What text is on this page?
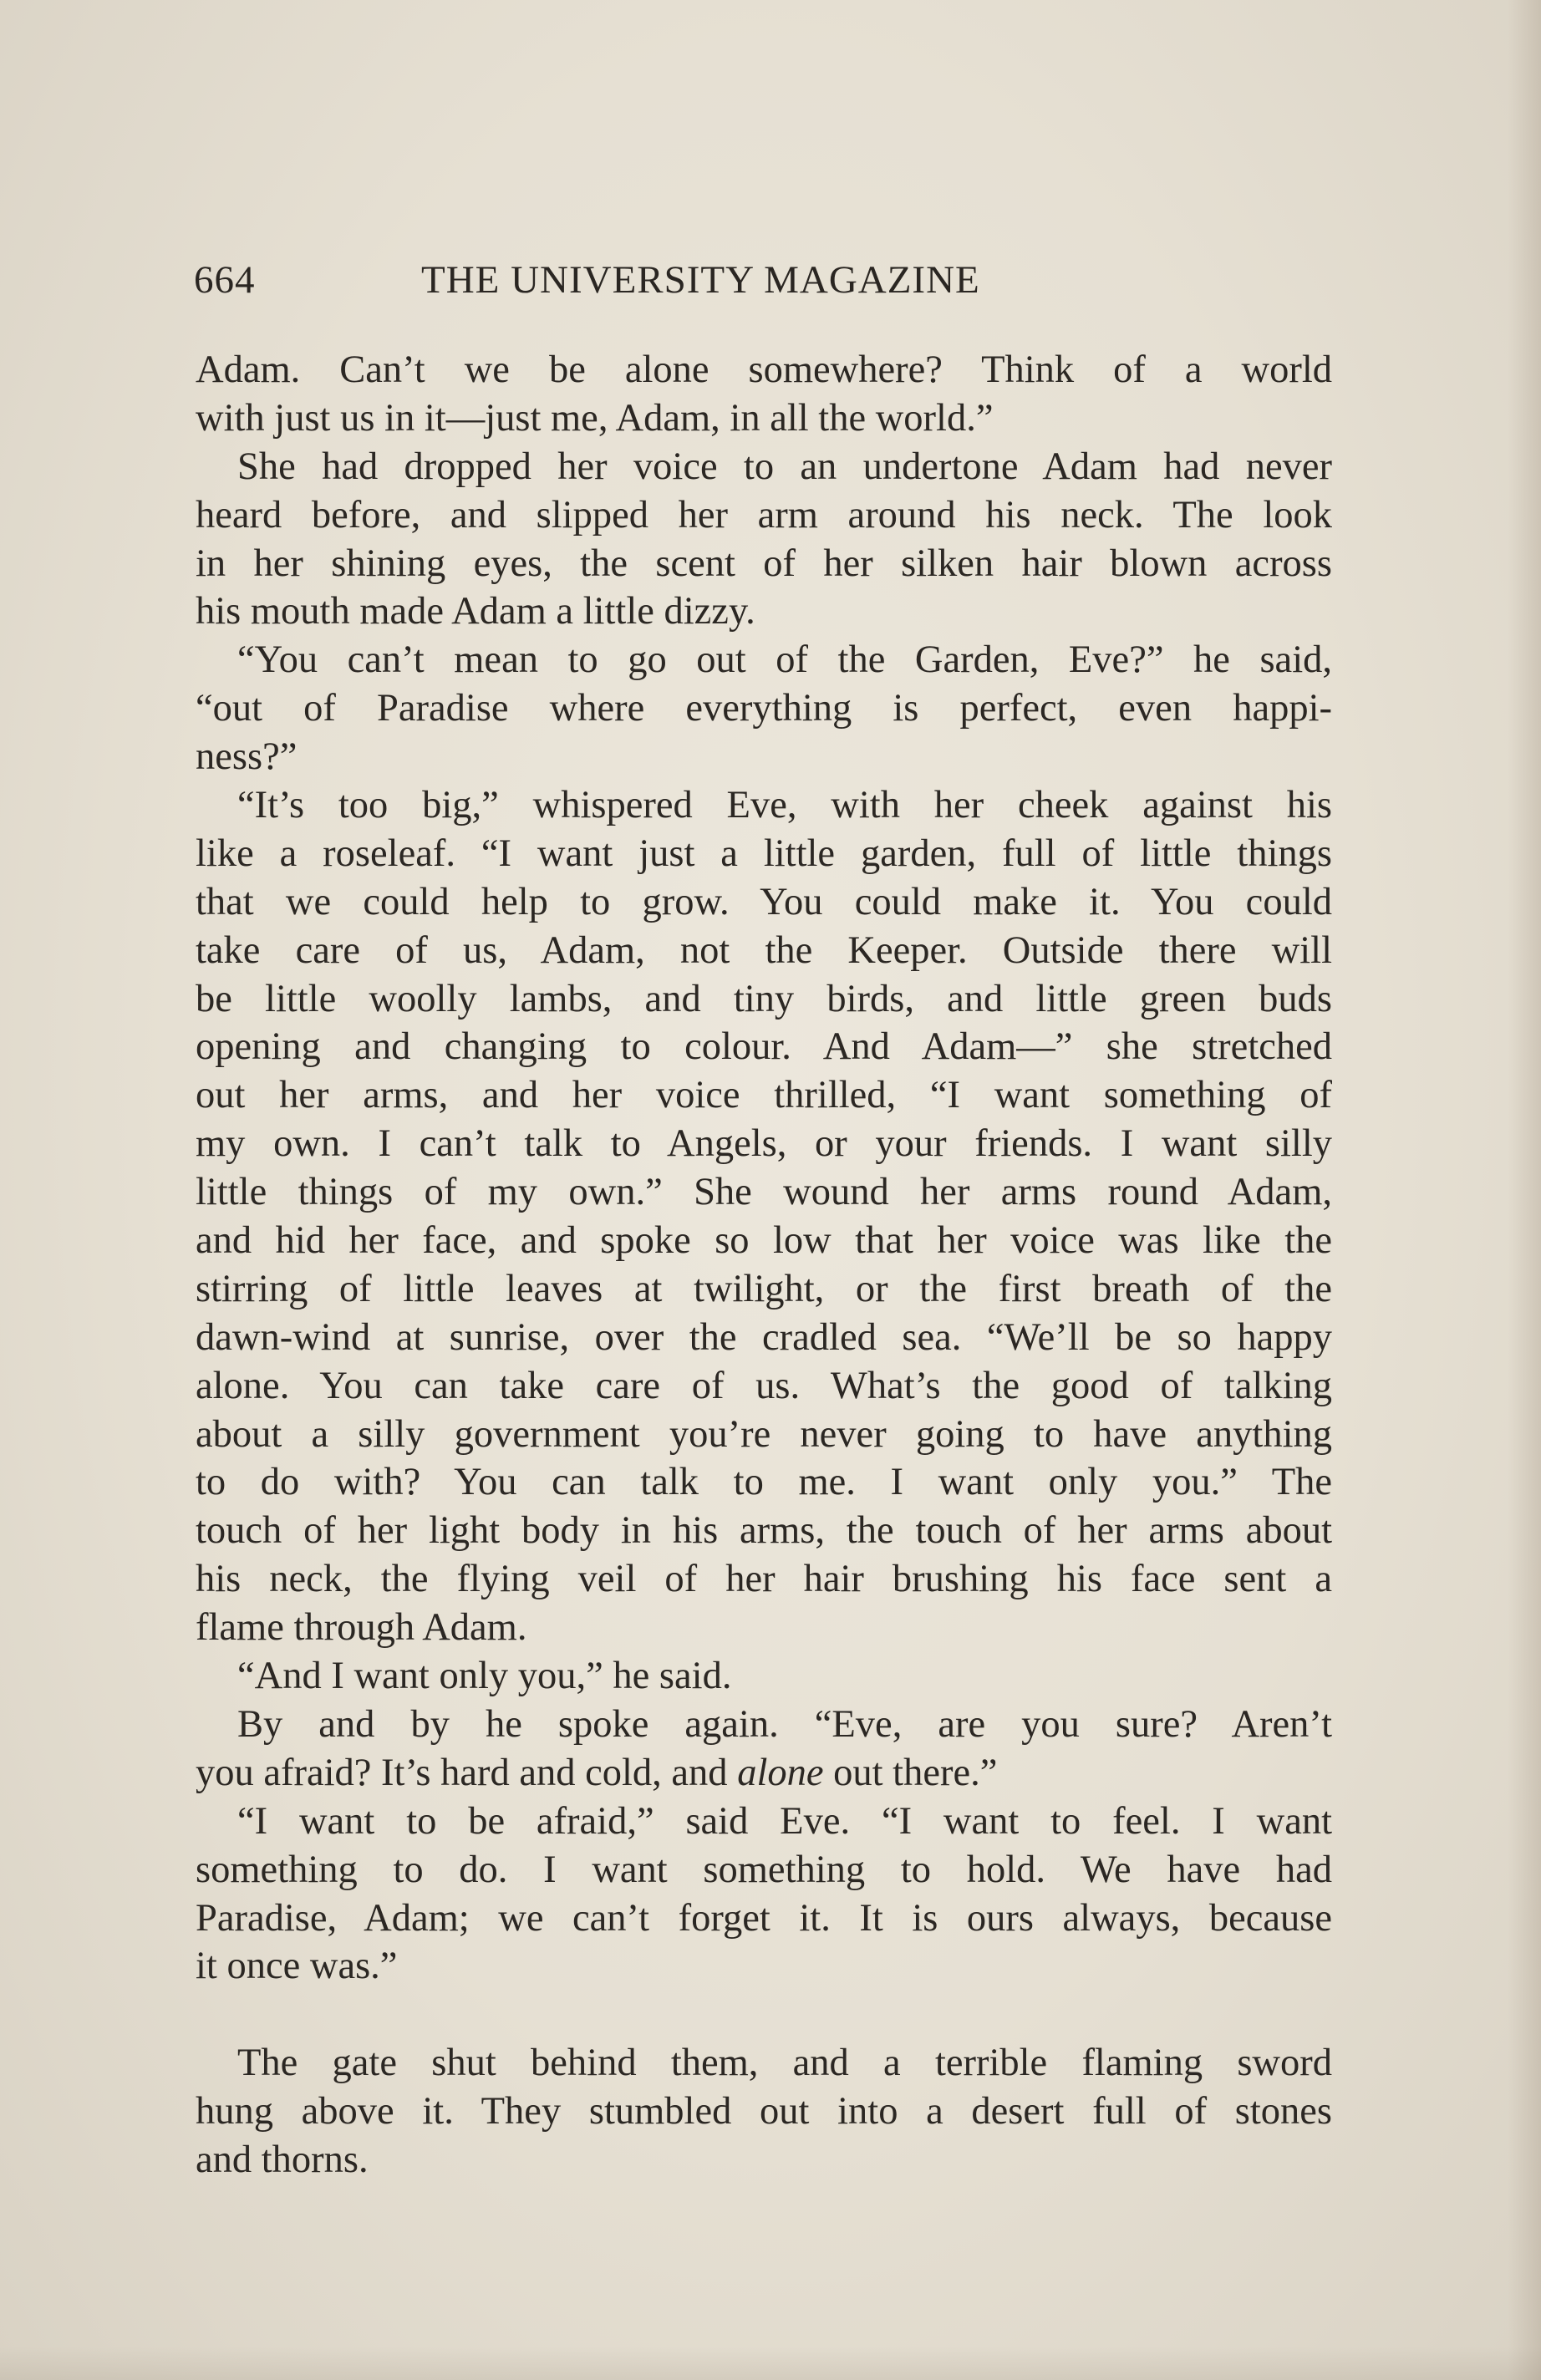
664	THE UNIVERSITY MAGAZINE
Adam. Can’t we be alone somewhere? Think of a world
with just us in it—just me, Adam, in all the world.”
She had dropped her voice to an undertone Adam had never
heard before, and slipped her arm around his neck. The look
in her shining eyes, the scent of her silken hair blown across
his mouth made Adam a little dizzy.
“You can’t mean to go out of the Garden, Eve?” he said,
“out of Paradise where everything is perfect, even happi-
ness?”
“It’s too big,” whispered Eve, with her cheek against his
like a roseleaf. “I want just a little garden, full of little things
that we could help to grow. You could make it. You could
take care of us, Adam, not the Keeper. Outside there will
be little woolly lambs, and tiny birds, and little green buds
opening and changing to colour. And Adam—” she stretched
out her arms, and her voice thrilled, “I want something of
my own. I can’t talk to Angels, or your friends. I want silly
little things of my own.” She wound her arms round Adam,
and hid her face, and spoke so low that her voice was like the
stirring of little leaves at twilight, or the first breath of the
dawn-wind at sunrise, over the cradled sea. “We’ll be so happy
alone. You can take care of us. What’s the good of talking
about a silly government you’re never going to have anything
to do with? You can talk to me. I want only you.” The
touch of her light body in his arms, the touch of her arms about
his neck, the flying veil of her hair brushing his face sent a
flame through Adam.
“And I want only you,” he said.
By and by he spoke again. “Eve, are you sure? Aren’t
you afraid? It’s hard and cold, and alone out there.”
“I want to be afraid,” said Eve. “I want to feel. I want
something to do. I want something to hold. We have had
Paradise, Adam; we can’t forget it. It is ours always, because
it once was.”
The gate shut behind them, and a terrible flaming sword
hung above it. They stumbled out into a desert full of stones
and thorns.
